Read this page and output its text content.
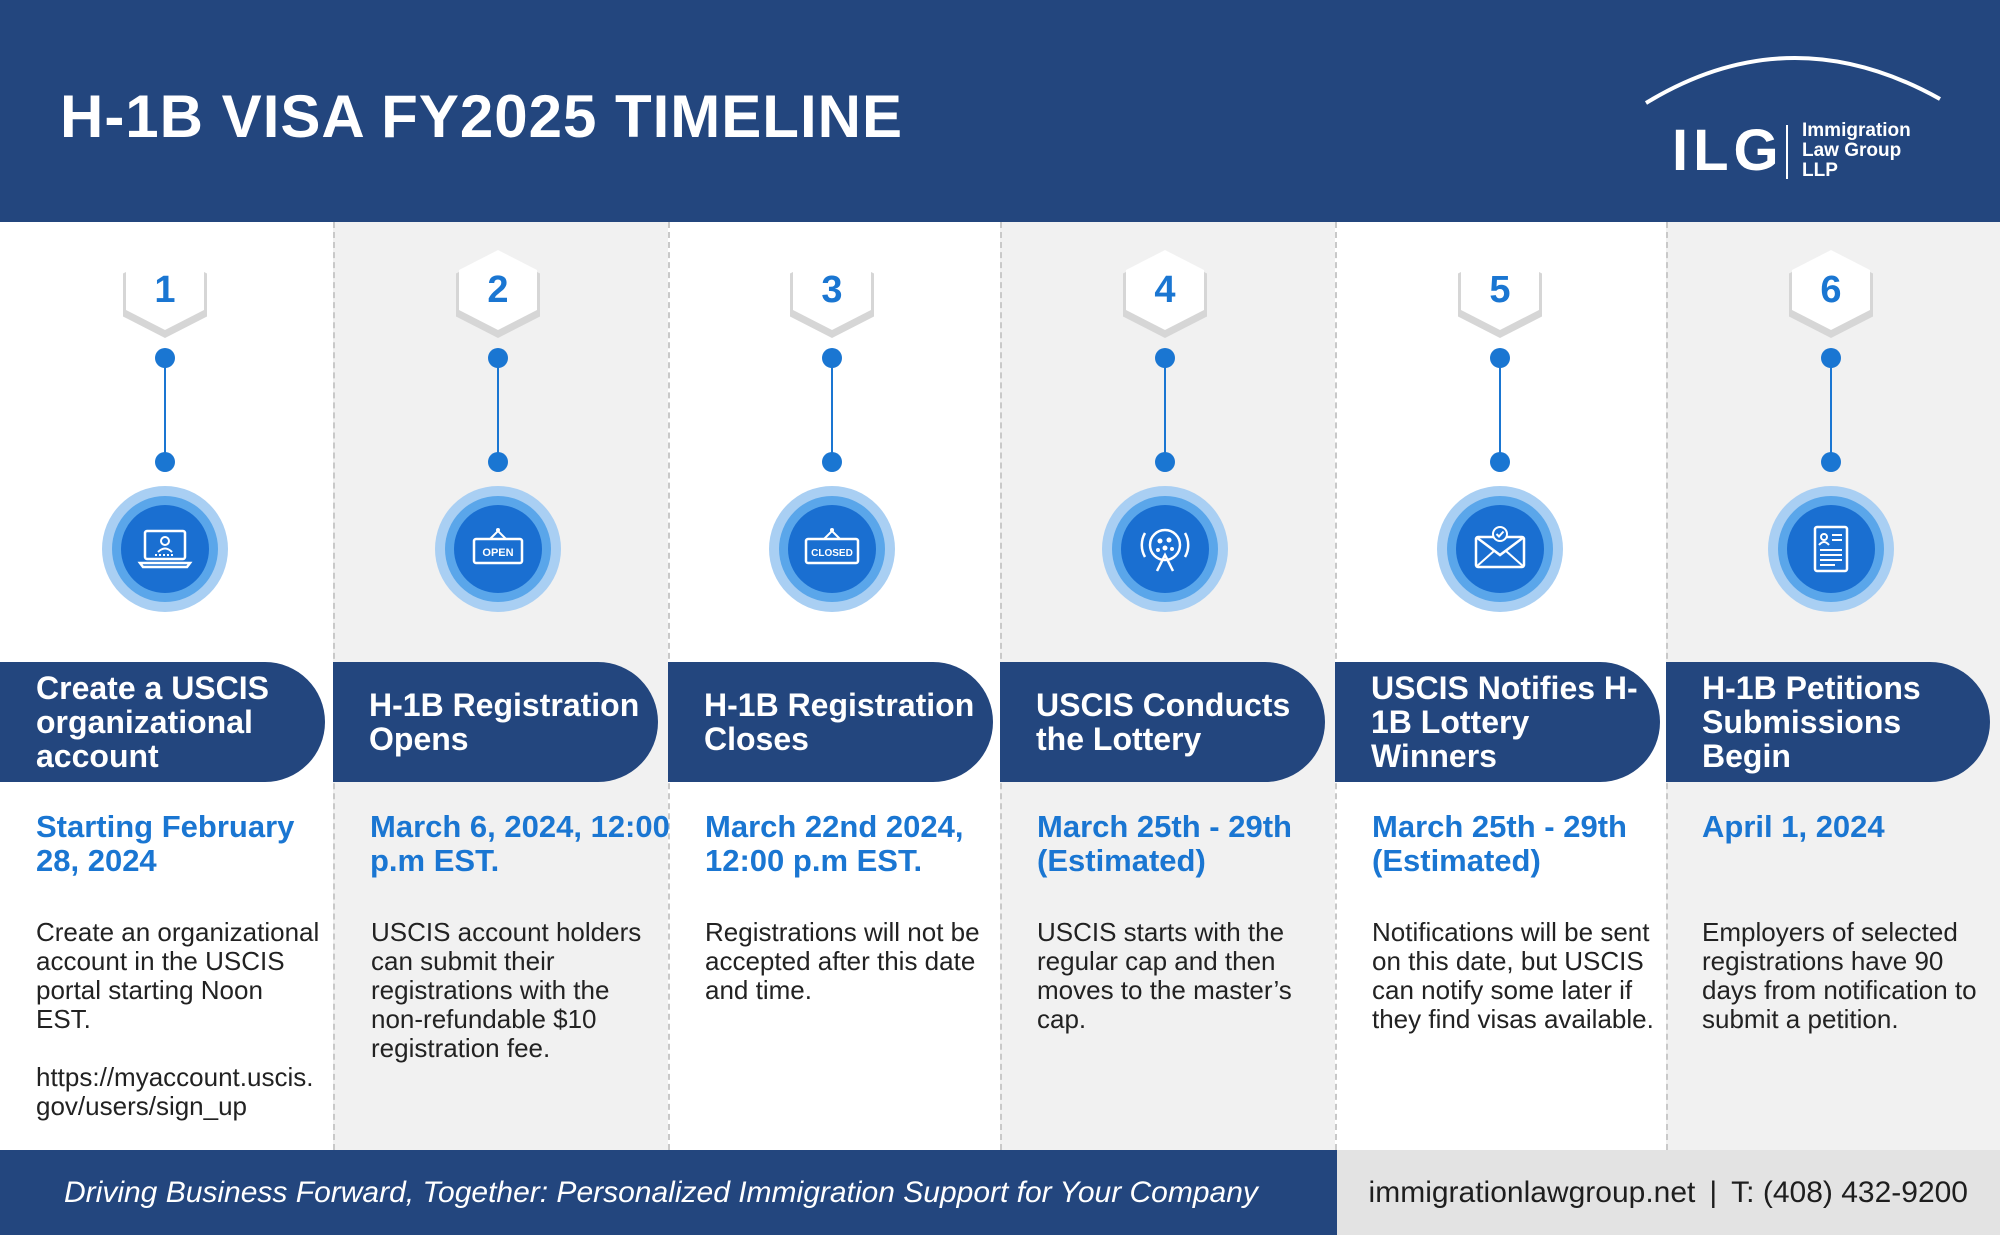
H-1B VISA FY2025 TIMELINE
ILG Immigration Law Group LLP
1
Create a USCIS organizational account
Starting February 28, 2024
Create an organizational account in the USCIS portal starting Noon EST.
https://myaccount.uscis.gov/users/sign_up
2
OPEN
H-1B Registration Opens
March 6, 2024, 12:00 p.m EST.
USCIS account holders can submit their registrations with the non-refundable $10 registration fee.
3
CLOSED
H-1B Registration Closes
March 22nd 2024, 12:00 p.m EST.
Registrations will not be accepted after this date and time.
4
USCIS Conducts the Lottery
March 25th - 29th (Estimated)
USCIS starts with the regular cap and then moves to the master’s cap.
5
USCIS Notifies H-1B Lottery Winners
March 25th - 29th (Estimated)
Notifications will be sent on this date, but USCIS can notify some later if they find visas available.
6
H-1B Petitions Submissions Begin
April 1, 2024
Employers of selected registrations have 90 days from notification to submit a petition.
Driving Business Forward, Together: Personalized Immigration Support for Your Company	immigrationlawgroup.net | T: (408) 432-9200
